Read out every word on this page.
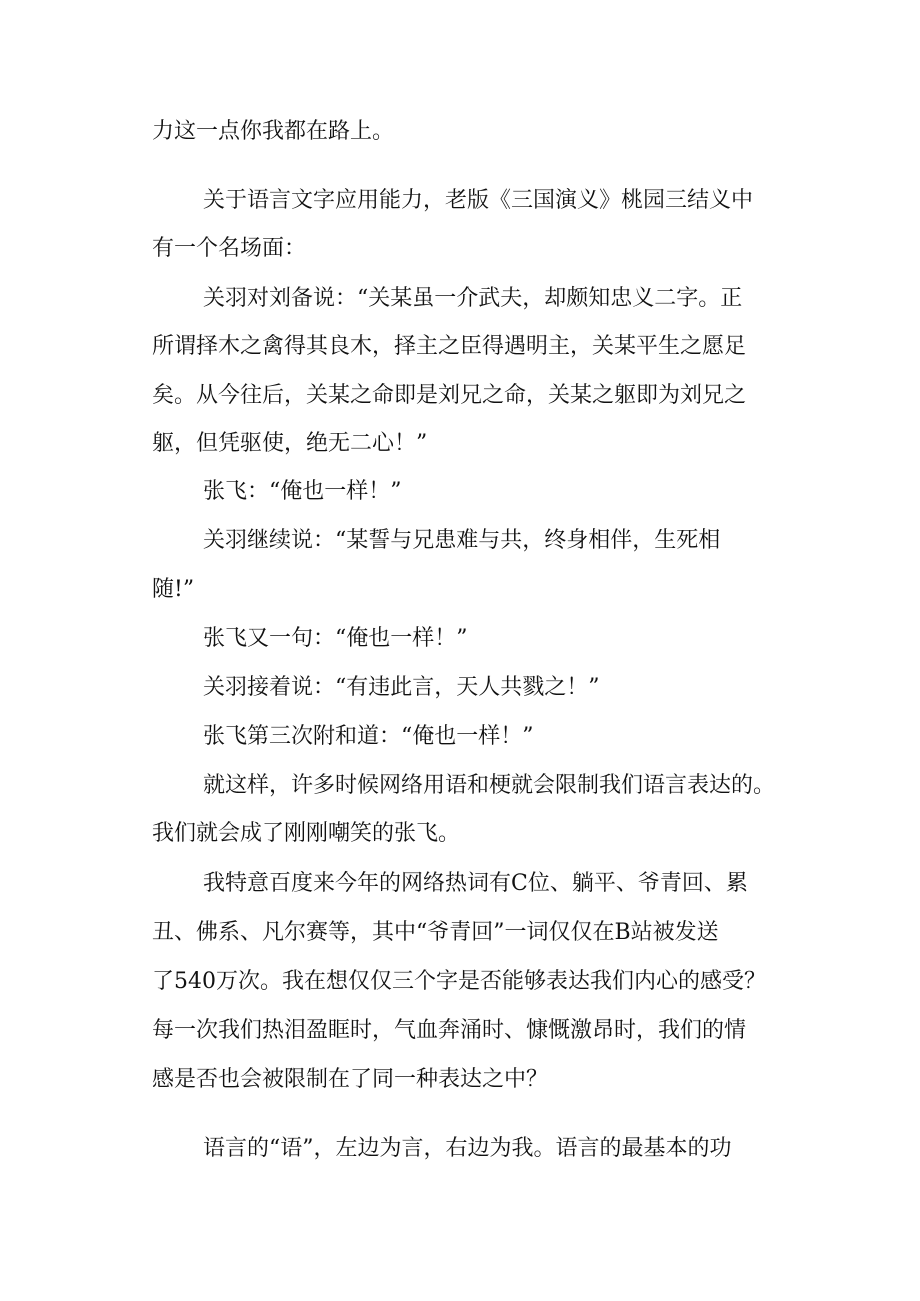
力这一点你我都在路上。
关于语言文字应用能力，老版《三国演义》桃园三结义中
有一个名场面：
关羽对刘备说：“关某虽一介武夫，却颇知忠义二字。正
所谓择木之禽得其良木，择主之臣得遇明主，关某平生之愿足
矣。从今往后，关某之命即是刘兄之命，关某之躯即为刘兄之
躯，但凭驱使，绝无二心！”
张飞：“俺也一样！”
关羽继续说：“某誓与兄患难与共，终身相伴，生死相
随!”
张飞又一句：“俺也一样！”
关羽接着说：“有违此言，天人共戮之！”
张飞第三次附和道：“俺也一样！”
就这样，许多时候网络用语和梗就会限制我们语言表达的。
我们就会成了刚刚嘲笑的张飞。
我特意百度来今年的网络热词有C位、躺平、爷青回、累
丑、佛系、凡尔赛等，其中“爷青回”一词仅仅在B站被发送
了540万次。我在想仅仅三个字是否能够表达我们内心的感受？
每一次我们热泪盈眶时，气血奔涌时、慷慨激昂时，我们的情
感是否也会被限制在了同一种表达之中？
语言的“语”，左边为言，右边为我。语言的最基本的功
